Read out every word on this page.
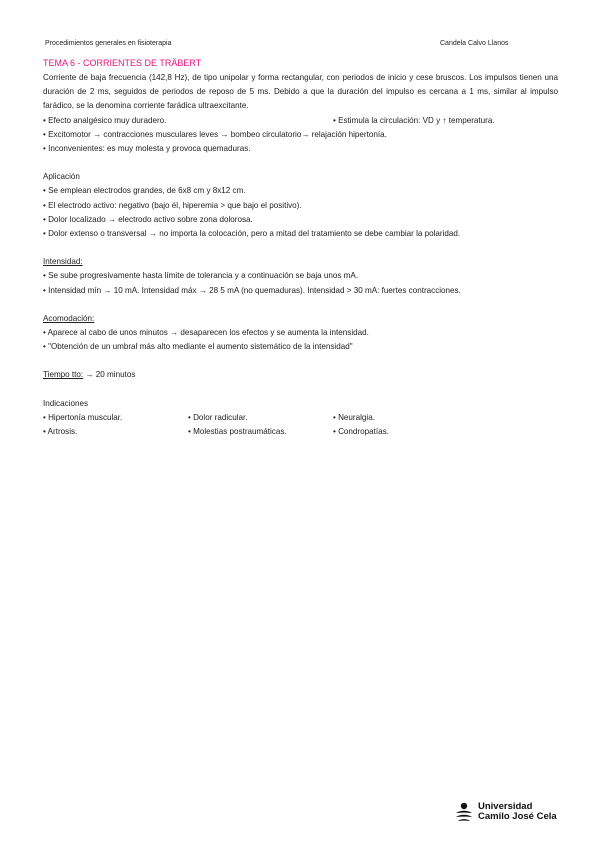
Procedimientos generales en fisioterapia	Candela Calvo Llanos
TEMA 6 - CORRIENTES DE TRÄBERT
Corriente de baja frecuencia (142,8 Hz), de tipo unipolar y forma rectangular, con periodos de inicio y cese bruscos. Los impulsos tienen una duración de 2 ms, seguidos de periodos de reposo de 5 ms. Debido a que la duración del impulso es cercana a 1 ms, similar al impulso farádico, se la denomina corriente farádica ultraexcitante.
• Efecto analgésico muy duradero.	• Estimula la circulación: VD y ↑ temperatura.
• Excitomotor → contracciones musculares leves → bombeo circulatorio→ relajación hipertonía.
• Inconvenientes: es muy molesta y provoca quemaduras.
Aplicación
• Se emplean electrodos grandes, de 6x8 cm y 8x12 cm.
• El electrodo activo: negativo (bajo él, hiperemia > que bajo el positivo).
• Dolor localizado → electrodo activo sobre zona dolorosa.
• Dolor extenso o transversal → no importa la colocación, pero a mitad del tratamiento se debe cambiar la polaridad.
Intensidad:
• Se sube progresivamente hasta límite de tolerancia y a continuación se baja unos mA.
• Intensidad mín → 10 mA. Intensidad máx → 28 5 mA (no quemaduras). Intensidad > 30 mA: fuertes contracciones.
Acomodación:
• Aparece al cabo de unos minutos → desaparecen los efectos y se aumenta la intensidad.
• "Obtención de un umbral más alto mediante el aumento sistemático de la intensidad"
Tiempo tto: → 20 minutos
Indicaciones
• Hipertonía muscular.	• Dolor radicular.	• Neuralgia.
• Artrosis.	• Molestias postraumáticas.	• Condropatías.
Universidad
Camilo José Cela
